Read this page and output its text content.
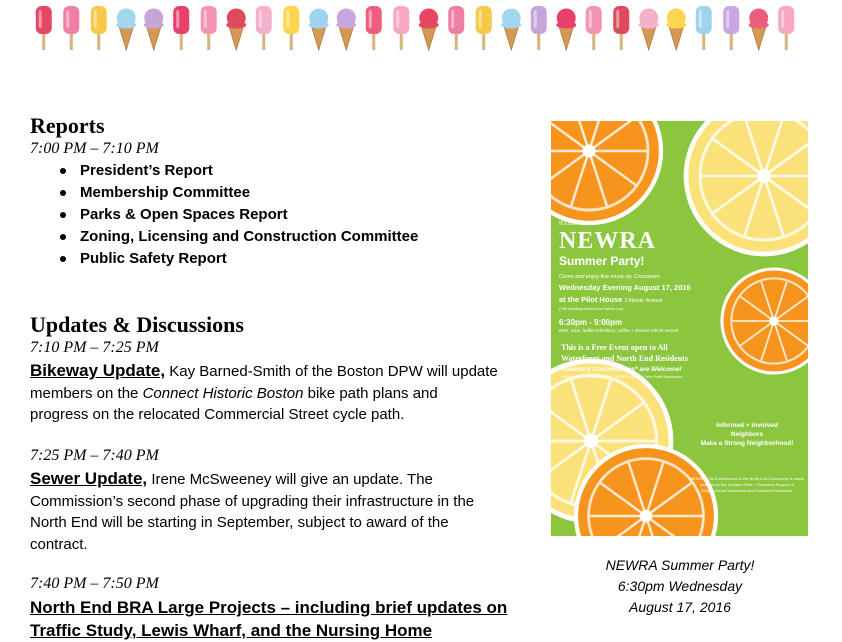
Reports
7:00 PM – 7:10 PM
President’s Report
Membership Committee
Parks & Open Spaces Report
Zoning, Licensing and Construction Committee
Public Safety Report
Updates & Discussions
7:10 PM – 7:25 PM
Bikeway Update, Kay Barned-Smith of the Boston DPW will update members on the Connect Historic Boston bike path plans and progress on the relocated Commercial Street cycle path.
7:25 PM – 7:40 PM
Sewer Update, Irene McSweeney will give an update. The Commission’s second phase of upgrading their infrastructure in the North End will be starting in September, subject to award of the contract.
7:40 PM – 7:50 PM
North End BRA Large Projects – including brief updates on Traffic Study, Lewis Wharf, and the Nursing Home
It's the Annual
NEWRA
Summer Party!
Come and enjoy live music by Crosstown.
Wednesday Evening August 17, 2016
at the Pilot House 2 Atlantic Avenue
(The building behind the Harbor Inn)
6:30pm - 9:00pm
Beer, wine, buffet selections, coffee + dessert will be served
This is a Free Event open to All
Waterfront and North End Residents
Voluntary Contributions* are Welcome!
*Contributions are Tax Deductible. NEWRA is a 501c3 Non-Profit Organization
Informed + Involved
Neighbors
Make a Strong Neighborhood!
NEWRA + its Commitment to the North End Community is made possible by the Donated Time + Generous Support of Neighborhood Volunteers and Dedicated Residents.
NEWRA Summer Party!
6:30pm Wednesday
August 17, 2016
